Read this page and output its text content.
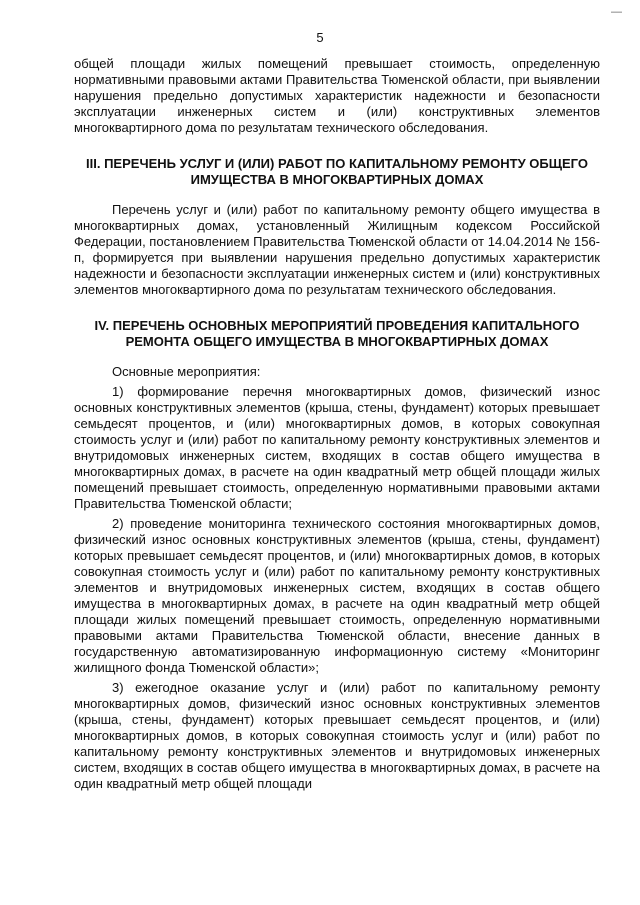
—
5

общей площади жилых помещений превышает стоимость, определенную нормативными правовыми актами Правительства Тюменской области, при выявлении нарушения предельно допустимых характеристик надежности и безопасности эксплуатации инженерных систем и (или) конструктивных элементов многоквартирного дома по результатам технического обследования.

III. ПЕРЕЧЕНЬ УСЛУГ И (ИЛИ) РАБОТ ПО КАПИТАЛЬНОМУ РЕМОНТУ ОБЩЕГО ИМУЩЕСТВА В МНОГОКВАРТИРНЫХ ДОМАХ

Перечень услуг и (или) работ по капитальному ремонту общего имущества в многоквартирных домах, установленный Жилищным кодексом Российской Федерации, постановлением Правительства Тюменской области от 14.04.2014 № 156-п, формируется при выявлении нарушения предельно допустимых характеристик надежности и безопасности эксплуатации инженерных систем и (или) конструктивных элементов многоквартирного дома по результатам технического обследования.

IV. ПЕРЕЧЕНЬ ОСНОВНЫХ МЕРОПРИЯТИЙ ПРОВЕДЕНИЯ КАПИТАЛЬНОГО РЕМОНТА ОБЩЕГО ИМУЩЕСТВА В МНОГОКВАРТИРНЫХ ДОМАХ

Основные мероприятия:

1) формирование перечня многоквартирных домов, физический износ основных конструктивных элементов (крыша, стены, фундамент) которых превышает семьдесят процентов, и (или) многоквартирных домов, в которых совокупная стоимость услуг и (или) работ по капитальному ремонту конструктивных элементов и внутридомовых инженерных систем, входящих в состав общего имущества в многоквартирных домах, в расчете на один квадратный метр общей площади жилых помещений превышает стоимость, определенную нормативными правовыми актами Правительства Тюменской области;

2) проведение мониторинга технического состояния многоквартирных домов, физический износ основных конструктивных элементов (крыша, стены, фундамент) которых превышает семьдесят процентов, и (или) многоквартирных домов, в которых совокупная стоимость услуг и (или) работ по капитальному ремонту конструктивных элементов и внутридомовых инженерных систем, входящих в состав общего имущества в многоквартирных домах, в расчете на один квадратный метр общей площади жилых помещений превышает стоимость, определенную нормативными правовыми актами Правительства Тюменской области, внесение данных в государственную автоматизированную информационную систему «Мониторинг жилищного фонда Тюменской области»;

3) ежегодное оказание услуг и (или) работ по капитальному ремонту многоквартирных домов, физический износ основных конструктивных элементов (крыша, стены, фундамент) которых превышает семьдесят процентов, и (или) многоквартирных домов, в которых совокупная стоимость услуг и (или) работ по капитальному ремонту конструктивных элементов и внутридомовых инженерных систем, входящих в состав общего имущества в многоквартирных домах, в расчете на один квадратный метр общей площади
